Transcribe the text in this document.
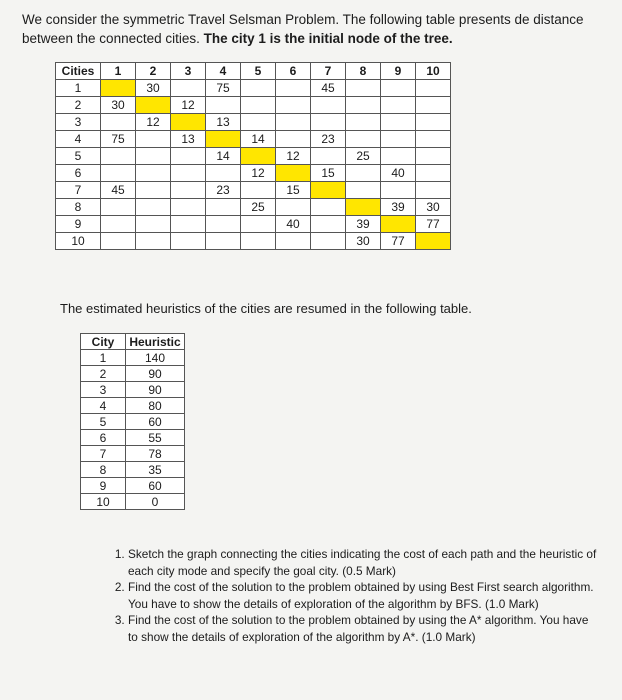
We consider the symmetric Travel Selsman Problem. The following table presents de distance between the connected cities. The city 1 is the initial node of the tree.
Cities	1	2	3	4	5	6	7	8	9	10
1		30		75			45			
2	30		12							
3		12		13						
4	75		13		14		23			
5				14		12		25		
6					12		15		40	
7	45			23		15				
8					25				39	30
9						40		39		77
10								30	77	
The estimated heuristics of the cities are resumed in the following table.
City	Heuristic
1	140
2	90
3	90
4	80
5	60
6	55
7	78
8	35
9	60
10	0
1. Sketch the graph connecting the cities indicating the cost of each path and the heuristic of each city mode and specify the goal city. (0.5 Mark)
2. Find the cost of the solution to the problem obtained by using Best First search algorithm. You have to show the details of exploration of the algorithm by BFS. (1.0 Mark)
3. Find the cost of the solution to the problem obtained by using the A* algorithm. You have to show the details of exploration of the algorithm by A*. (1.0 Mark)
